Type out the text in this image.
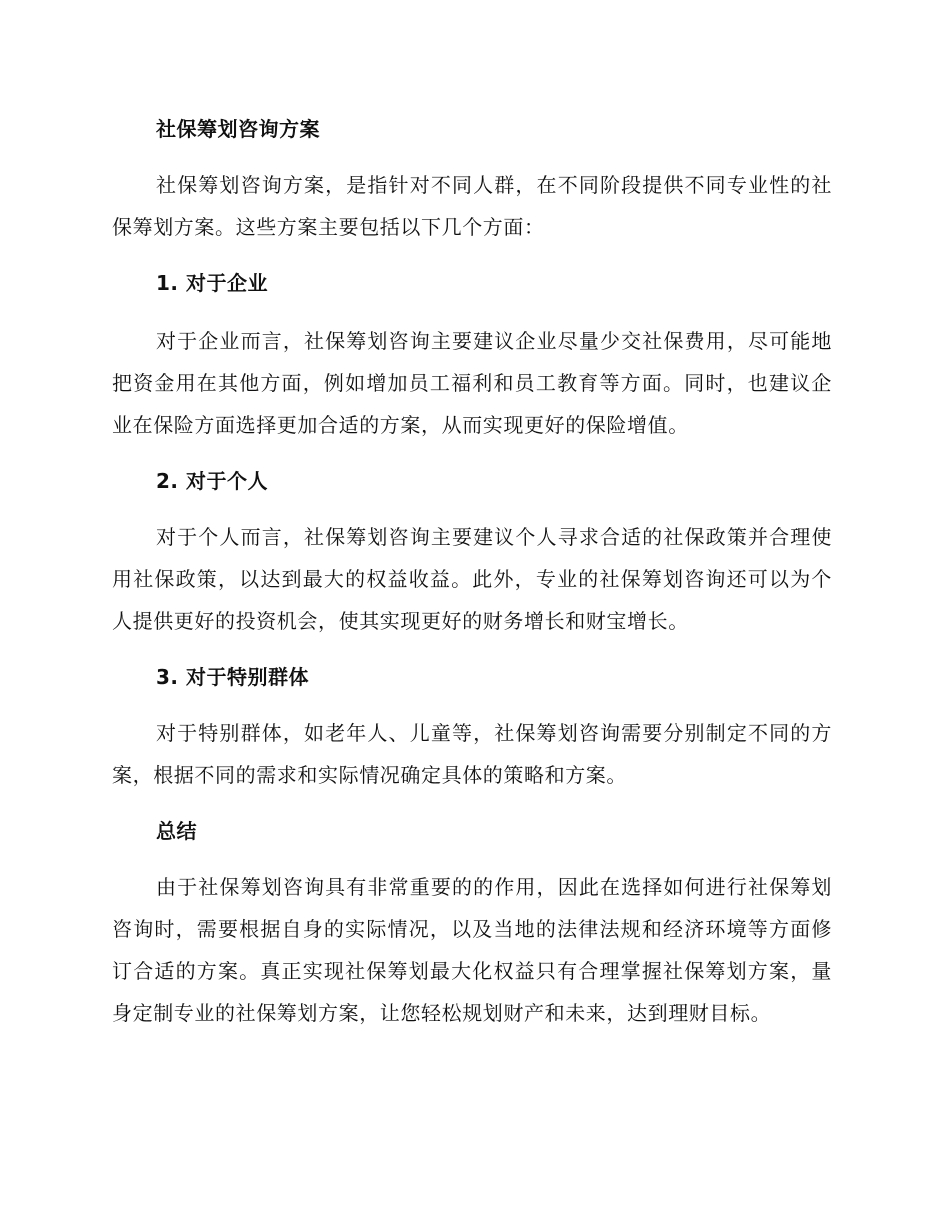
社保筹划咨询方案

社保筹划咨询方案，是指针对不同人群，在不同阶段提供不同专业性的社保筹划方案。这些方案主要包括以下几个方面：

1. 对于企业

对于企业而言，社保筹划咨询主要建议企业尽量少交社保费用，尽可能地把资金用在其他方面，例如增加员工福利和员工教育等方面。同时，也建议企业在保险方面选择更加合适的方案，从而实现更好的保险增值。

2. 对于个人

对于个人而言，社保筹划咨询主要建议个人寻求合适的社保政策并合理使用社保政策，以达到最大的权益收益。此外，专业的社保筹划咨询还可以为个人提供更好的投资机会，使其实现更好的财务增长和财宝增长。

3. 对于特别群体

对于特别群体，如老年人、儿童等，社保筹划咨询需要分别制定不同的方案，根据不同的需求和实际情况确定具体的策略和方案。

总结

由于社保筹划咨询具有非常重要的的作用，因此在选择如何进行社保筹划咨询时，需要根据自身的实际情况，以及当地的法律法规和经济环境等方面修订合适的方案。真正实现社保筹划最大化权益只有合理掌握社保筹划方案，量身定制专业的社保筹划方案，让您轻松规划财产和未来，达到理财目标。
